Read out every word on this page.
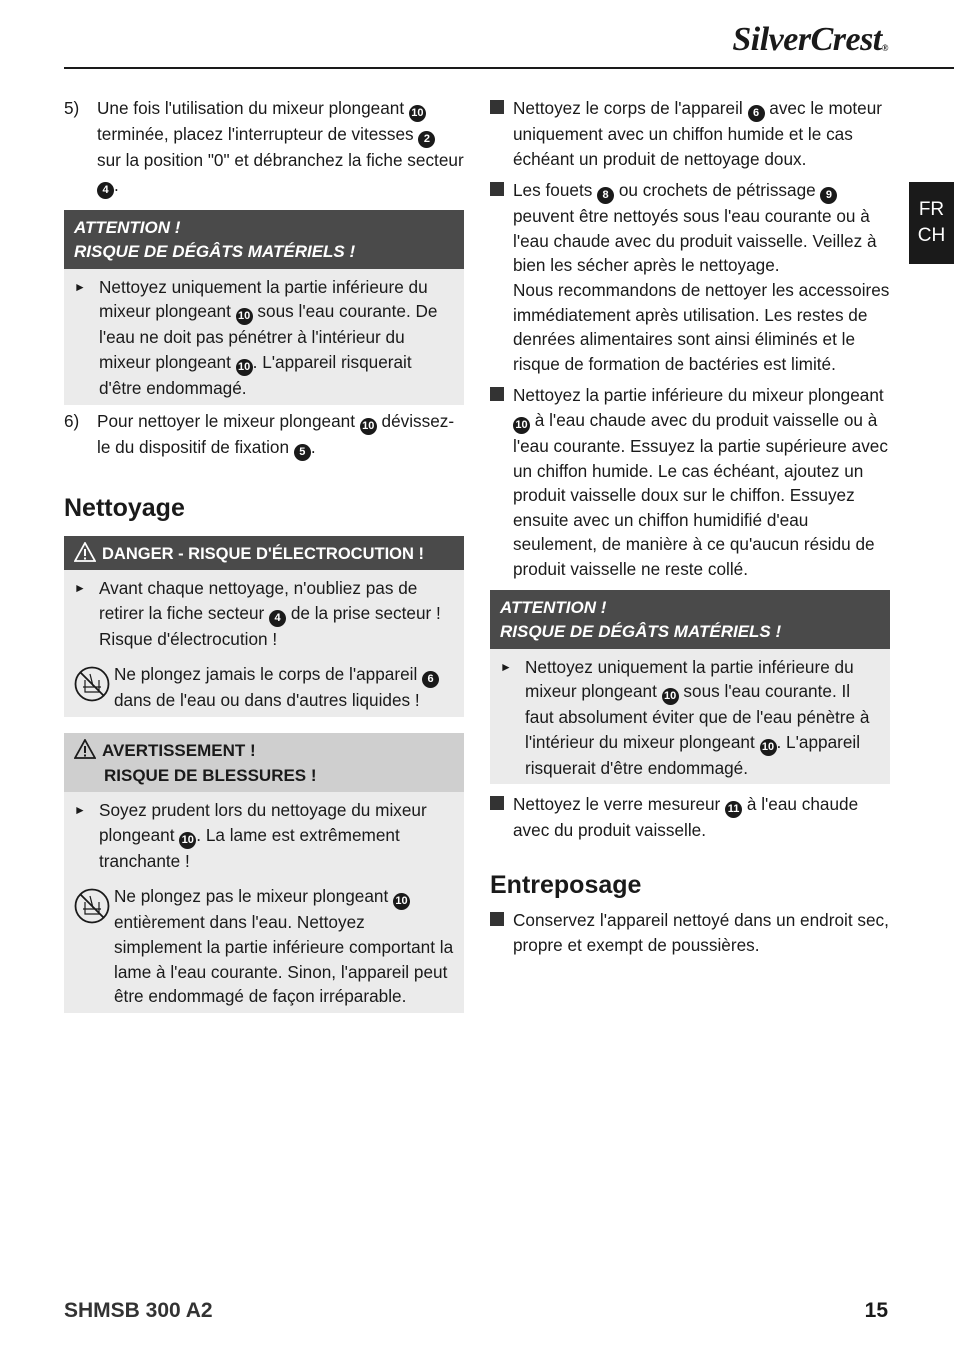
SilverCrest®
FR
CH
5)	Une fois l'utilisation du mixeur plongeant 10 terminée, placez l'interrupteur de vitesses 2 sur la position "0" et débranchez la fiche secteur 4 .
ATTENTION !
RISQUE DE DÉGÂTS MATÉRIELS !
► Nettoyez uniquement la partie inférieure du mixeur plongeant 10 sous l'eau courante. De l'eau ne doit pas pénétrer à l'intérieur du mixeur plongeant 10 . L'appareil risquerait d'être endommagé.
6)	Pour nettoyer le mixeur plongeant 10 dévissez-le du dispositif de fixation 5 .
Nettoyage
DANGER - RISQUE D'ÉLECTROCUTION !
► Avant chaque nettoyage, n'oubliez pas de retirer la fiche secteur 4 de la prise secteur ! Risque d'électrocution !
Ne plongez jamais le corps de l'appareil 6 dans de l'eau ou dans d'autres liquides !
AVERTISSEMENT !
RISQUE DE BLESSURES !
► Soyez prudent lors du nettoyage du mixeur plongeant 10 . La lame est extrêmement tranchante !
Ne plongez pas le mixeur plongeant 10 entièrement dans l'eau. Nettoyez simplement la partie inférieure comportant la lame à l'eau courante. Sinon, l'appareil peut être endommagé de façon irréparable.
Nettoyez le corps de l'appareil 6 avec le moteur uniquement avec un chiffon humide et le cas échéant un produit de nettoyage doux.
Les fouets 8 ou crochets de pétrissage 9 peuvent être nettoyés sous l'eau courante ou à l'eau chaude avec du produit vaisselle. Veillez à bien les sécher après le nettoyage.
Nous recommandons de nettoyer les accessoires immédiatement après utilisation. Les restes de denrées alimentaires sont ainsi éliminés et le risque de formation de bactéries est limité.
Nettoyez la partie inférieure du mixeur plongeant 10 à l'eau chaude avec du produit vaisselle ou à l'eau courante. Essuyez la partie supérieure avec un chiffon humide. Le cas échéant, ajoutez un produit vaisselle doux sur le chiffon. Essuyez ensuite avec un chiffon humidifié d'eau seulement, de manière à ce qu'aucun résidu de produit vaisselle ne reste collé.
ATTENTION !
RISQUE DE DÉGÂTS MATÉRIELS !
► Nettoyez uniquement la partie inférieure du mixeur plongeant 10 sous l'eau courante. Il faut absolument éviter que de l'eau pénètre à l'intérieur du mixeur plongeant 10 . L'appareil risquerait d'être endommagé.
Nettoyez le verre mesureur 11 à l'eau chaude avec du produit vaisselle.
Entreposage
Conservez l'appareil nettoyé dans un endroit sec, propre et exempt de poussières.
SHMSB 300 A2	15
